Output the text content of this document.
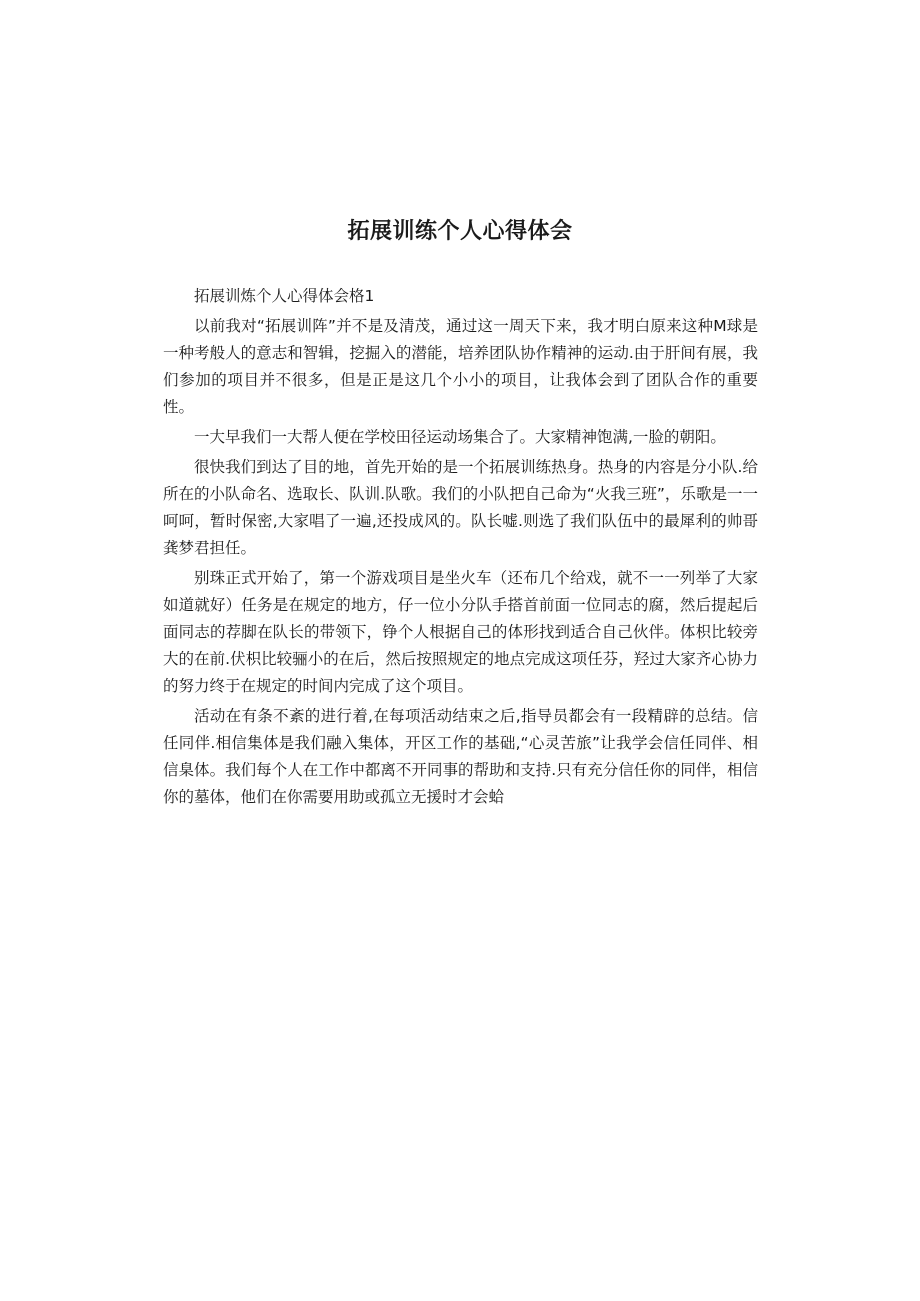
拓展训练个人心得体会

拓展训炼个人心得体会格1

以前我对“拓展训阵”并不是及清茂，通过这一周天下来，我才明白原来这种M球是一种考般人的意志和智辑，挖掘入的潜能，培养团队协作精神的运动.由于肝间有展，我们参加的项目并不很多，但是正是这几个小小的项目，让我体会到了团队合作的重要性。

一大早我们一大帮人便在学校田径运动场集合了。大家精神饱满,一脸的朝阳。

很快我们到达了目的地，首先开始的是一个拓展训练热身。热身的内容是分小队.给所在的小队命名、选取长、队训.队歌。我们的小队把自己命为“火我三班”，乐歌是一一呵呵，暂时保密,大家唱了一遍,还投成风的。队长嘘.则选了我们队伍中的最犀利的帅哥龚梦君担任。

别珠正式开始了，第一个游戏项目是坐火车（还布几个给戏，就不一一列举了大家如道就好）任务是在规定的地方，仔一位小分队手搭首前面一位同志的腐，然后提起后面同志的荐脚在队长的带领下，铮个人根据自己的体形找到适合自己伙伴。体枳比较旁大的在前.伏枳比较骊小的在后，然后按照规定的地点完成这项任芬，羟过大家齐心协力的努力终于在规定的时间内完成了这个项目。

活动在有条不紊的进行着,在每项活动结束之后,指导员都会有一段精辟的总结。信任同伴.相信集体是我们融入集体，开区工作的基础,“心灵苦旅”让我学会信任同伴、相信臬体。我们每个人在工作中都离不开同事的帮助和支持.只有充分信任你的同伴，相信你的墓体，他们在你需要用助或孤立无援时才会蛤
